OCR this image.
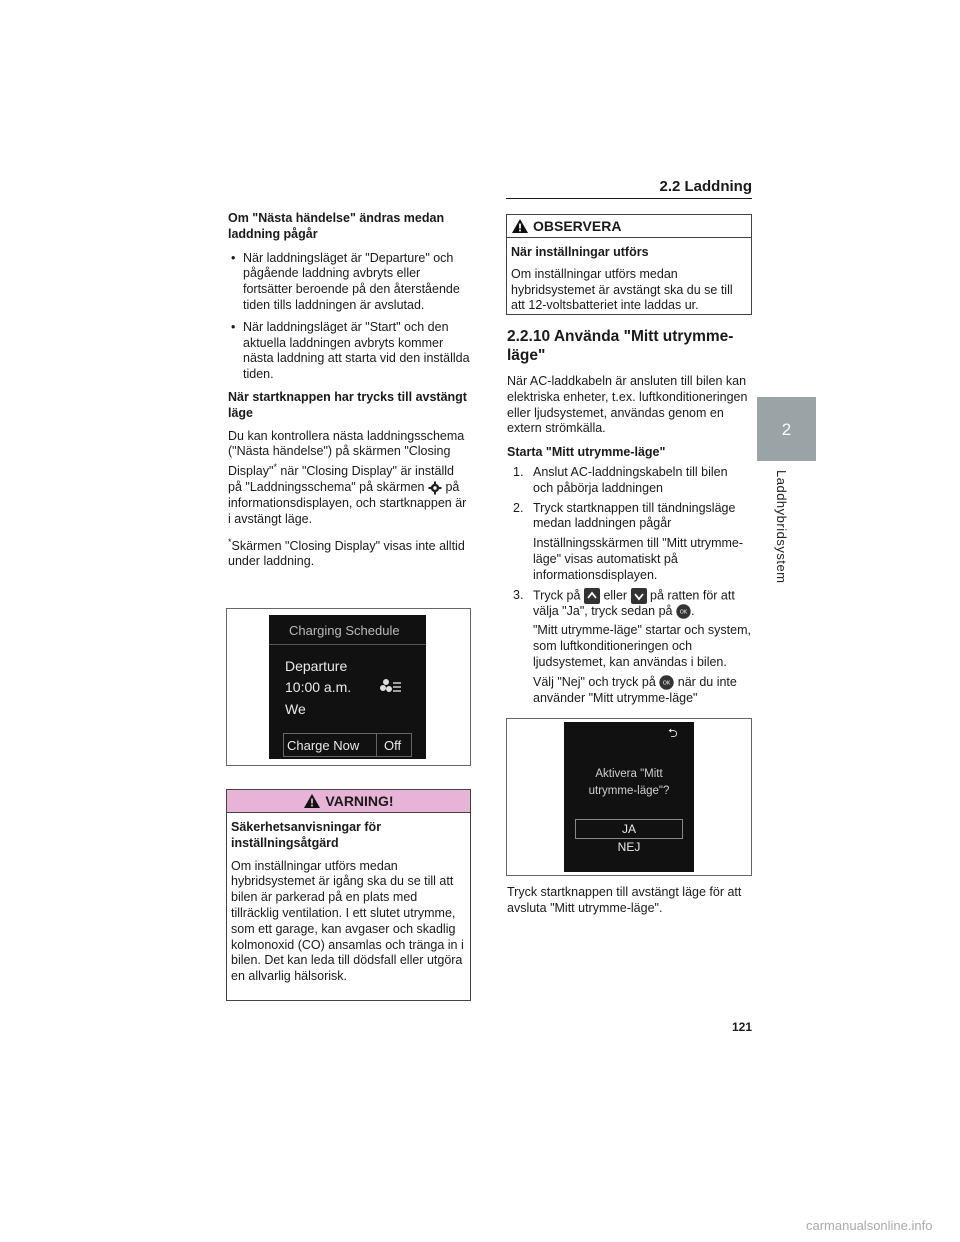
2.2 Laddning
2
Laddhybridsystem

Om "Nästa händelse" ändras medan laddning pågår

• När laddningsläget är "Departure" och pågående laddning avbryts eller fortsätter beroende på den återstående tiden tills laddningen är avslutad.

• När laddningsläget är "Start" och den aktuella laddningen avbryts kommer nästa laddning att starta vid den inställda tiden.

När startknappen har trycks till avstängt läge

Du kan kontrollera nästa laddningsschema ("Nästa händelse") på skärmen "Closing Display"* när "Closing Display" är inställd på "Laddningsschema" på skärmen  på informationsdisplayen, och startknappen är i avstängt läge.

*Skärmen "Closing Display" visas inte alltid under laddning.

Charging Schedule
Departure
10:00 a.m.
We
Charge Now Off
VARNING!

Säkerhetsanvisningar för inställningsåtgärd

Om inställningar utförs medan hybridsystemet är igång ska du se till att bilen är parkerad på en plats med tillräcklig ventilation. I ett slutet utrymme, som ett garage, kan avgaser och skadlig kolmonoxid (CO) ansamlas och tränga in i bilen. Det kan leda till dödsfall eller utgöra en allvarlig hälsorisk.

OBSERVERA

När inställningar utförs

Om inställningar utförs medan hybridsystemet är avstängt ska du se till att 12-voltsbatteriet inte laddas ur.

2.2.10 Använda "Mitt utrymme-läge"

När AC-laddkabeln är ansluten till bilen kan elektriska enheter, t.ex. luftkonditioneringen eller ljudsystemet, användas genom en extern strömkälla.

Starta "Mitt utrymme-läge"

1. Anslut AC-laddningskabeln till bilen och påbörja laddningen

2. Tryck startknappen till tändningsläge medan laddningen pågår

Inställningsskärmen till "Mitt utrymme-läge" visas automatiskt på informationsdisplayen.

3. Tryck på eller på ratten för att välja "Ja", tryck sedan på OK .

"Mitt utrymme-läge" startar och system, som luftkonditioneringen och ljudsystemet, kan användas i bilen.

Välj "Nej" och tryck på OK när du inte använder "Mitt utrymme-läge"

⮌
Aktivera "Mitt utrymme-läge"?
JA
NEJ
Tryck startknappen till avstängt läge för att avsluta "Mitt utrymme-läge".
121
carmanualsonline.info
